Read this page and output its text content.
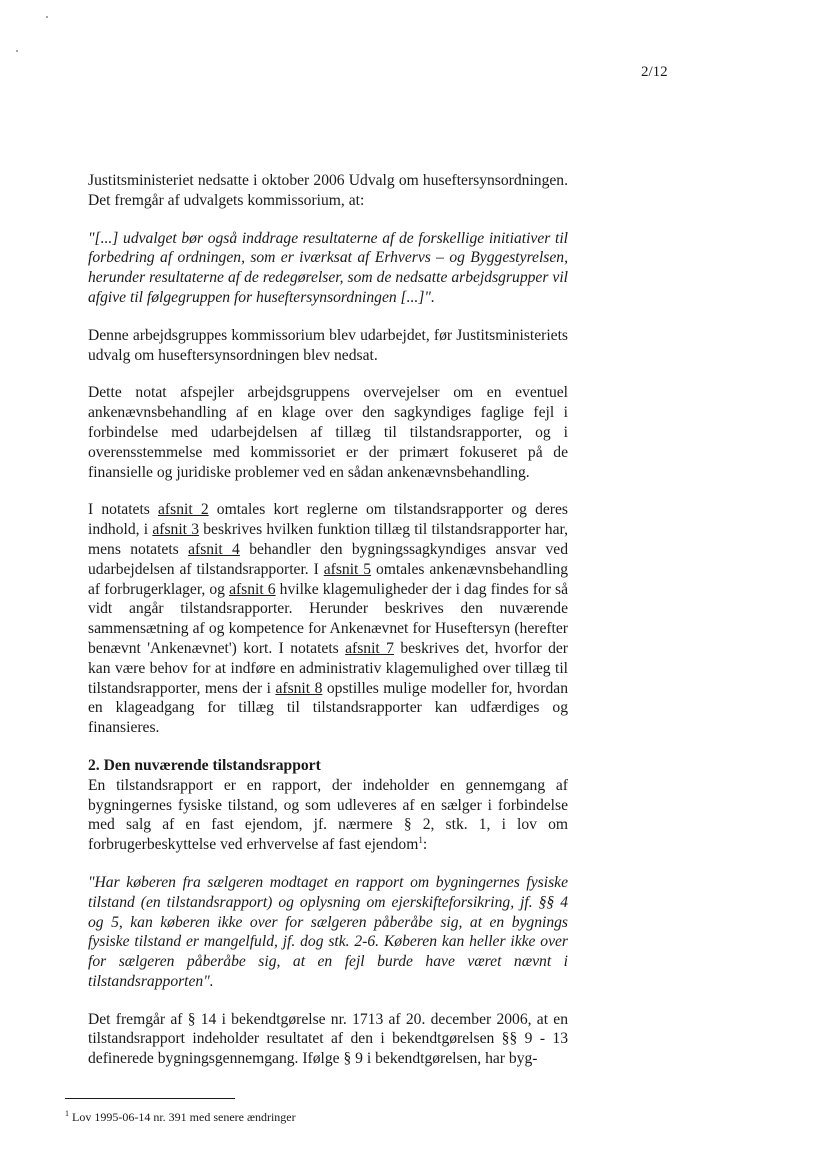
2/12

Justitsministeriet nedsatte i oktober 2006 Udvalg om huseftersynsordningen. Det fremgår af udvalgets kommissorium, at:

"[...] udvalget bør også inddrage resultaterne af de forskellige initiativer til forbedring af ordningen, som er iværksat af Erhvervs – og Byggestyrelsen, herunder resultaterne af de redegørelser, som de nedsatte arbejdsgrupper vil afgive til følgegruppen for huseftersynsordningen [...]".

Denne arbejdsgruppes kommissorium blev udarbejdet, før Justitsministeriets udvalg om huseftersynsordningen blev nedsat.

Dette notat afspejler arbejdsgruppens overvejelser om en eventuel ankenævnsbehandling af en klage over den sagkyndiges faglige fejl i forbindelse med udarbejdelsen af tillæg til tilstandsrapporter, og i overensstemmelse med kommissoriet er der primært fokuseret på de finansielle og juridiske problemer ved en sådan ankenævnsbehandling.

I notatets afsnit 2 omtales kort reglerne om tilstandsrapporter og deres indhold, i afsnit 3 beskrives hvilken funktion tillæg til tilstandsrapporter har, mens notatets afsnit 4 behandler den bygningssagkyndiges ansvar ved udarbejdelsen af tilstandsrapporter. I afsnit 5 omtales ankenævnsbehandling af forbrugerklager, og afsnit 6 hvilke klagemuligheder der i dag findes for så vidt angår tilstandsrapporter. Herunder beskrives den nuværende sammensætning af og kompetence for Ankenævnet for Huseftersyn (herefter benævnt 'Ankenævnet') kort. I notatets afsnit 7 beskrives det, hvorfor der kan være behov for at indføre en administrativ klagemulighed over tillæg til tilstandsrapporter, mens der i afsnit 8 opstilles mulige modeller for, hvordan en klageadgang for tillæg til tilstandsrapporter kan udfærdiges og finansieres.

2. Den nuværende tilstandsrapport

En tilstandsrapport er en rapport, der indeholder en gennemgang af bygningernes fysiske tilstand, og som udleveres af en sælger i forbindelse med salg af en fast ejendom, jf. nærmere § 2, stk. 1, i lov om forbrugerbeskyttelse ved erhvervelse af fast ejendom$^1$:

"Har køberen fra sælgeren modtaget en rapport om bygningernes fysiske tilstand (en tilstandsrapport) og oplysning om ejerskifteforsikring, jf. §§ 4 og 5, kan køberen ikke over for sælgeren påberåbe sig, at en bygnings fysiske tilstand er mangelfuld, jf. dog stk. 2-6. Køberen kan heller ikke over for sælgeren påberåbe sig, at en fejl burde have været nævnt i tilstandsrapporten".

Det fremgår af § 14 i bekendtgørelse nr. 1713 af 20. december 2006, at en tilstandsrapport indeholder resultatet af den i bekendtgørelsen §§ 9 - 13 definerede bygningsgennemgang. Ifølge § 9 i bekendtgørelsen, har byg-

$^1$ Lov 1995-06-14 nr. 391 med senere ændringer
